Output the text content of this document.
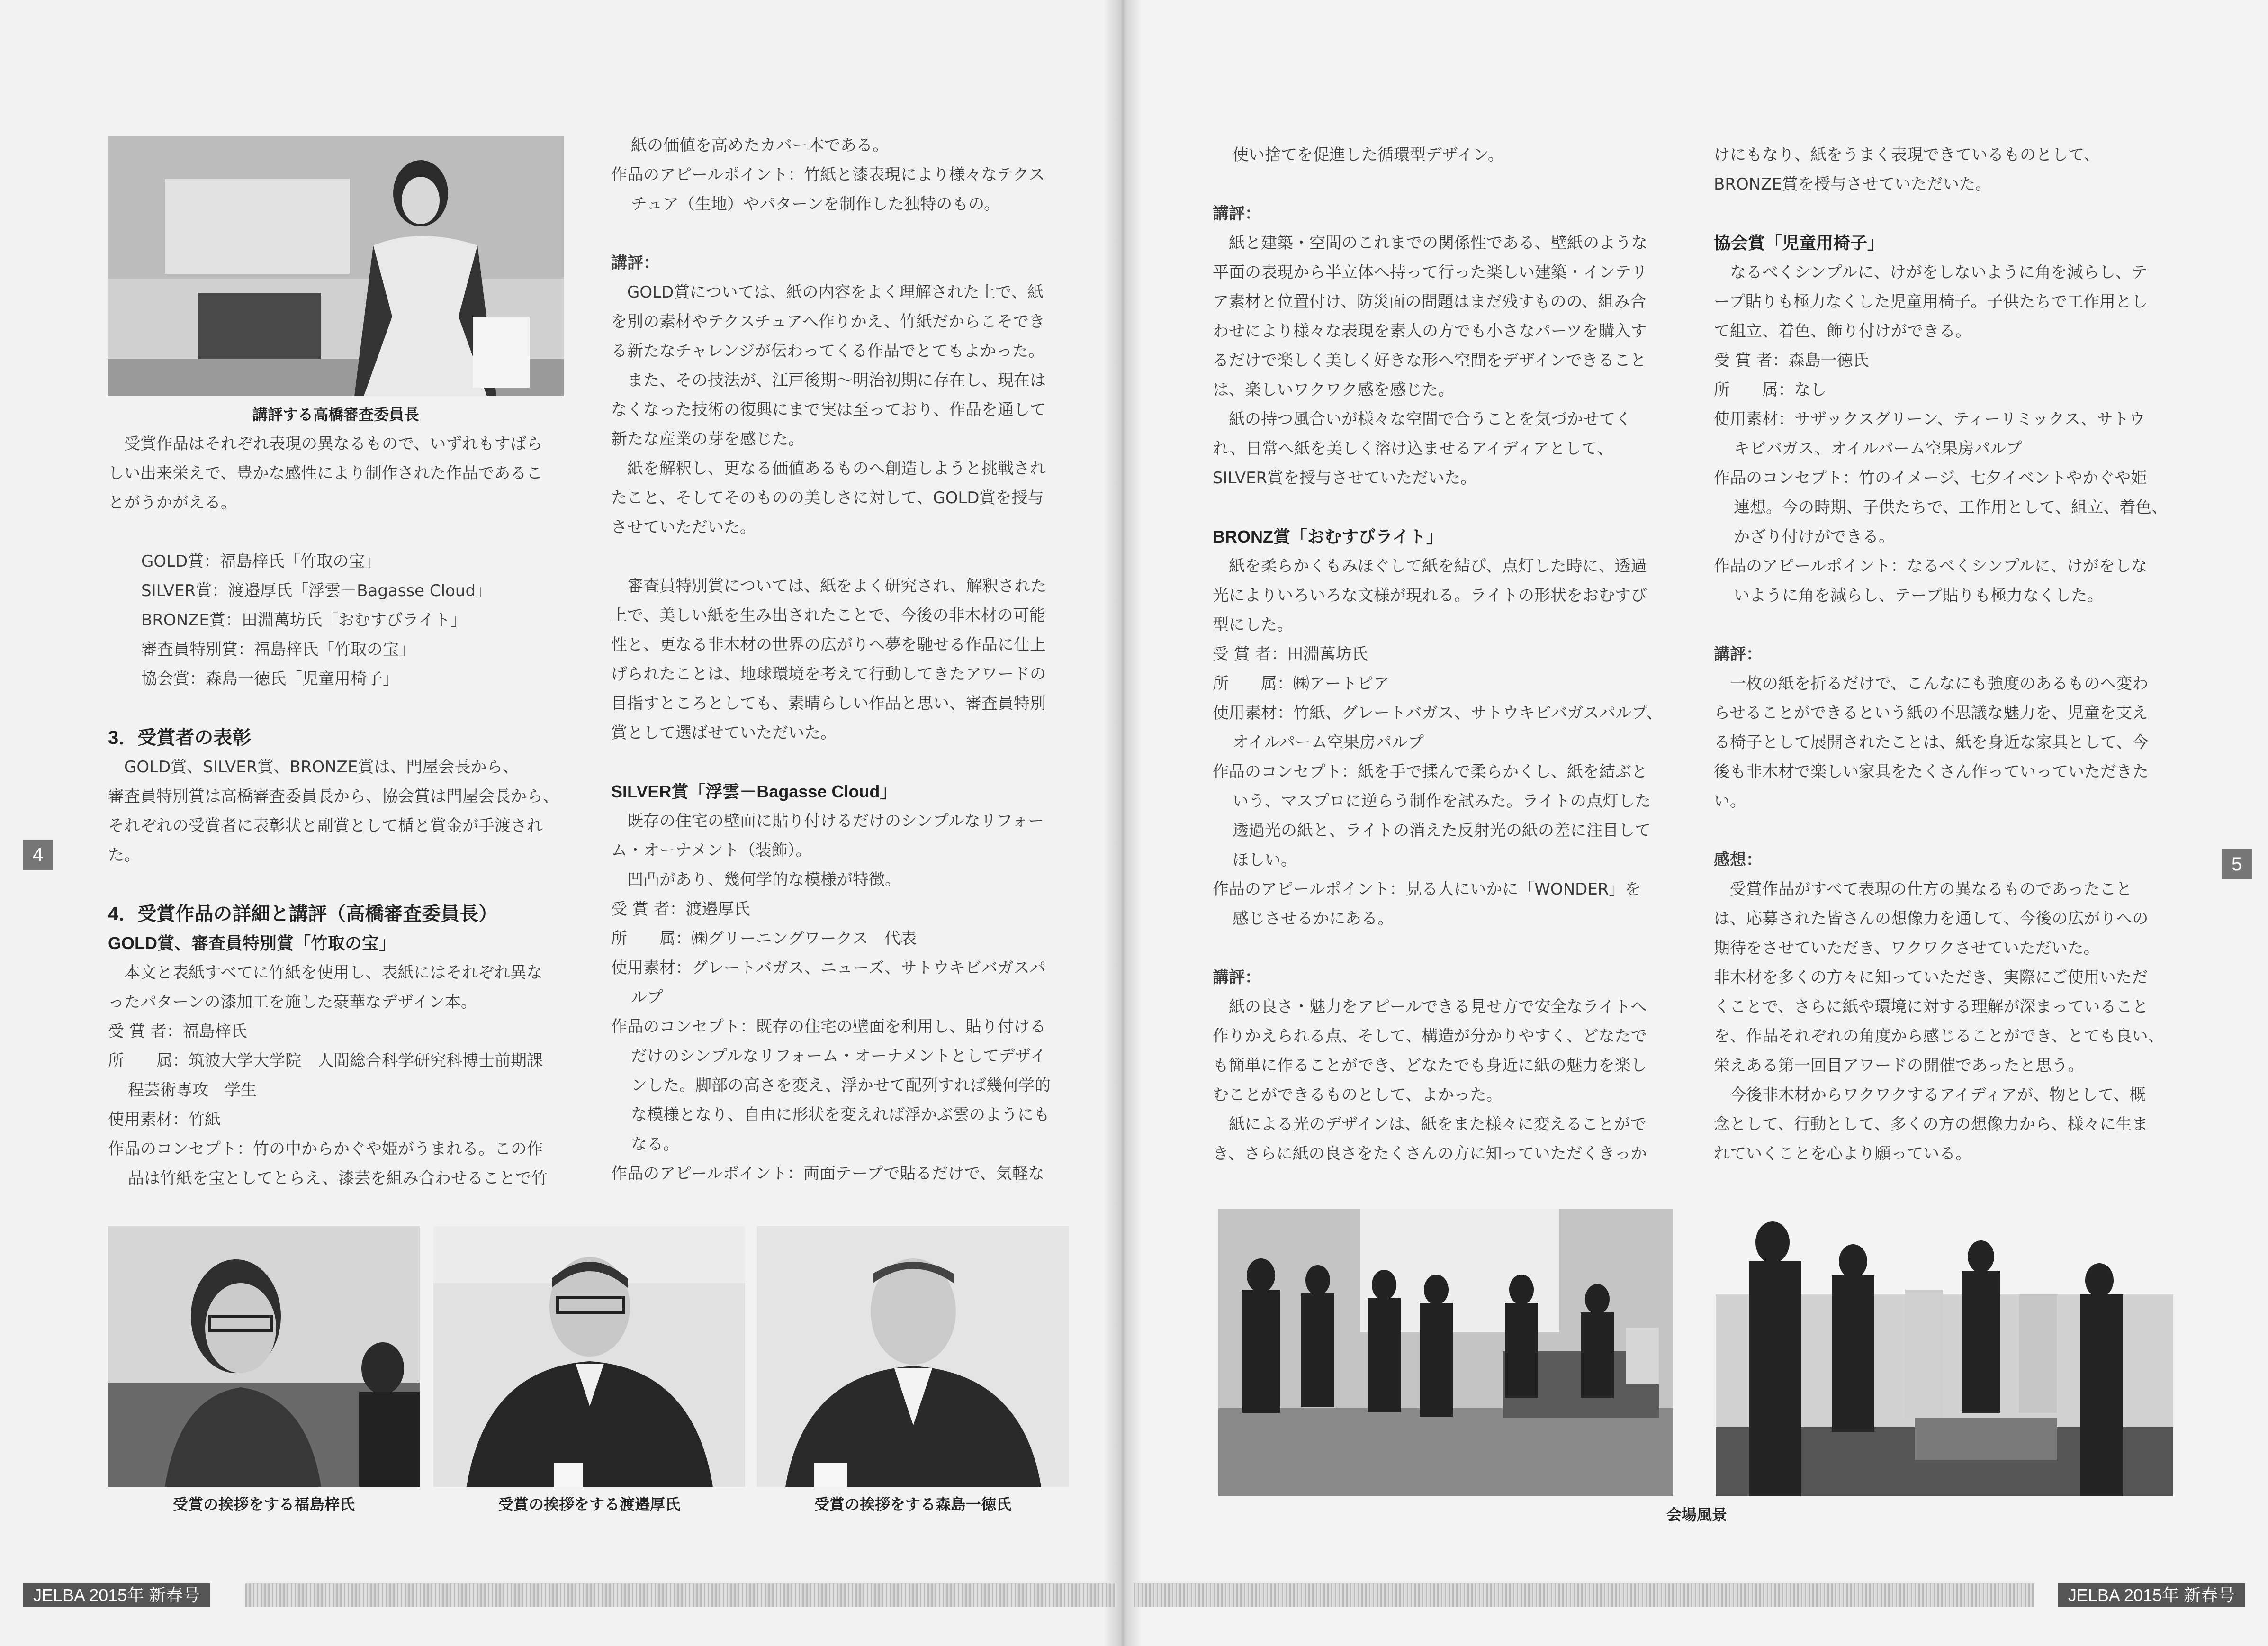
講評する高橋審査委員長

受賞作品はそれぞれ表現の異なるもので、いずれもすばら

しい出来栄えで、豊かな感性により制作された作品であるこ

とがうかがえる。

GOLD賞：福島梓氏「竹取の宝」

SILVER賞：渡邉厚氏「浮雲－Bagasse Cloud」

BRONZE賞：田淵萬坊氏「おむすびライト」

審査員特別賞：福島梓氏「竹取の宝」

協会賞：森島一徳氏「児童用椅子」

3．受賞者の表彰

GOLD賞、SILVER賞、BRONZE賞は、門屋会長から、

審査員特別賞は高橋審査委員長から、協会賞は門屋会長から、

それぞれの受賞者に表彰状と副賞として楯と賞金が手渡され

た。

4．受賞作品の詳細と講評（高橋審査委員長）
GOLD賞、審査員特別賞「竹取の宝」

本文と表紙すべてに竹紙を使用し、表紙にはそれぞれ異な

ったパターンの漆加工を施した豪華なデザイン本。

受 賞 者：福島梓氏

所　　属：筑波大学大学院　人間総合科学研究科博士前期課

程芸術専攻　学生

使用素材：竹紙

作品のコンセプト：竹の中からかぐや姫がうまれる。この作

品は竹紙を宝としてとらえ、漆芸を組み合わせることで竹

紙の価値を高めたカバー本である。

作品のアピールポイント：竹紙と漆表現により様々なテクス

チュア（生地）やパターンを制作した独特のもの。

講評：

GOLD賞については、紙の内容をよく理解された上で、紙

を別の素材やテクスチュアへ作りかえ、竹紙だからこそでき

る新たなチャレンジが伝わってくる作品でとてもよかった。

また、その技法が、江戸後期～明治初期に存在し、現在は

なくなった技術の復興にまで実は至っており、作品を通して

新たな産業の芽を感じた。

紙を解釈し、更なる価値あるものへ創造しようと挑戦され

たこと、そしてそのものの美しさに対して、GOLD賞を授与

させていただいた。

審査員特別賞については、紙をよく研究され、解釈された

上で、美しい紙を生み出されたことで、今後の非木材の可能

性と、更なる非木材の世界の広がりへ夢を馳せる作品に仕上

げられたことは、地球環境を考えて行動してきたアワードの

目指すところとしても、素晴らしい作品と思い、審査員特別

賞として選ばせていただいた。

SILVER賞「浮雲－Bagasse Cloud」

既存の住宅の壁面に貼り付けるだけのシンプルなリフォー

ム・オーナメント（装飾）。

凹凸があり、幾何学的な模様が特徴。

受 賞 者：渡邉厚氏

所　　属：㈱グリーニングワークス　代表

使用素材：グレートバガス、ニューズ、サトウキビバガスパ

ルプ

作品のコンセプト：既存の住宅の壁面を利用し、貼り付ける

だけのシンプルなリフォーム・オーナメントとしてデザイ

ンした。脚部の高さを変え、浮かせて配列すれば幾何学的

な模様となり、自由に形状を変えれば浮かぶ雲のようにも

なる。

作品のアピールポイント：両面テープで貼るだけで、気軽な

4
受賞の挨拶をする福島梓氏	受賞の挨拶をする渡邉厚氏	受賞の挨拶をする森島一徳氏
JELBA 2015年 新春号

使い捨てを促進した循環型デザイン。

講評：

紙と建築・空間のこれまでの関係性である、壁紙のような

平面の表現から半立体へ持って行った楽しい建築・インテリ

ア素材と位置付け、防災面の問題はまだ残すものの、組み合

わせにより様々な表現を素人の方でも小さなパーツを購入す

るだけで楽しく美しく好きな形へ空間をデザインできること

は、楽しいワクワク感を感じた。

紙の持つ風合いが様々な空間で合うことを気づかせてく

れ、日常へ紙を美しく溶け込ませるアイディアとして、

SILVER賞を授与させていただいた。

BRONZ賞「おむすびライト」

紙を柔らかくもみほぐして紙を結び、点灯した時に、透過

光によりいろいろな文様が現れる。ライトの形状をおむすび

型にした。

受 賞 者：田淵萬坊氏

所　　属：㈱アートピア

使用素材：竹紙、グレートバガス、サトウキビバガスパルプ、

オイルパーム空果房パルプ

作品のコンセプト：紙を手で揉んで柔らかくし、紙を結ぶと

いう、マスプロに逆らう制作を試みた。ライトの点灯した

透過光の紙と、ライトの消えた反射光の紙の差に注目して

ほしい。

作品のアピールポイント：見る人にいかに「WONDER」を

感じさせるかにある。

講評：

紙の良さ・魅力をアピールできる見せ方で安全なライトへ

作りかえられる点、そして、構造が分かりやすく、どなたで

も簡単に作ることができ、どなたでも身近に紙の魅力を楽し

むことができるものとして、よかった。

紙による光のデザインは、紙をまた様々に変えることがで

き、さらに紙の良さをたくさんの方に知っていただくきっか

けにもなり、紙をうまく表現できているものとして、

BRONZE賞を授与させていただいた。

協会賞「児童用椅子」

なるべくシンプルに、けがをしないように角を減らし、テ

ープ貼りも極力なくした児童用椅子。子供たちで工作用とし

て組立、着色、飾り付けができる。

受 賞 者：森島一徳氏

所　　属：なし

使用素材：サザックスグリーン、ティーリミックス、サトウ

キビバガス、オイルパーム空果房パルプ

作品のコンセプト：竹のイメージ、七夕イベントやかぐや姫

連想。今の時期、子供たちで、工作用として、組立、着色、

かざり付けができる。

作品のアピールポイント：なるべくシンプルに、けがをしな

いように角を減らし、テープ貼りも極力なくした。

講評：

一枚の紙を折るだけで、こんなにも強度のあるものへ変わ

らせることができるという紙の不思議な魅力を、児童を支え

る椅子として展開されたことは、紙を身近な家具として、今

後も非木材で楽しい家具をたくさん作っていっていただきた

い。

感想：

受賞作品がすべて表現の仕方の異なるものであったこと

は、応募された皆さんの想像力を通して、今後の広がりへの

期待をさせていただき、ワクワクさせていただいた。

非木材を多くの方々に知っていただき、実際にご使用いただ

くことで、さらに紙や環境に対する理解が深まっていること

を、作品それぞれの角度から感じることができ、とても良い、

栄えある第一回目アワードの開催であったと思う。

今後非木材からワクワクするアイディアが、物として、概

念として、行動として、多くの方の想像力から、様々に生ま

れていくことを心より願っている。

5
会場風景
JELBA 2015年 新春号
